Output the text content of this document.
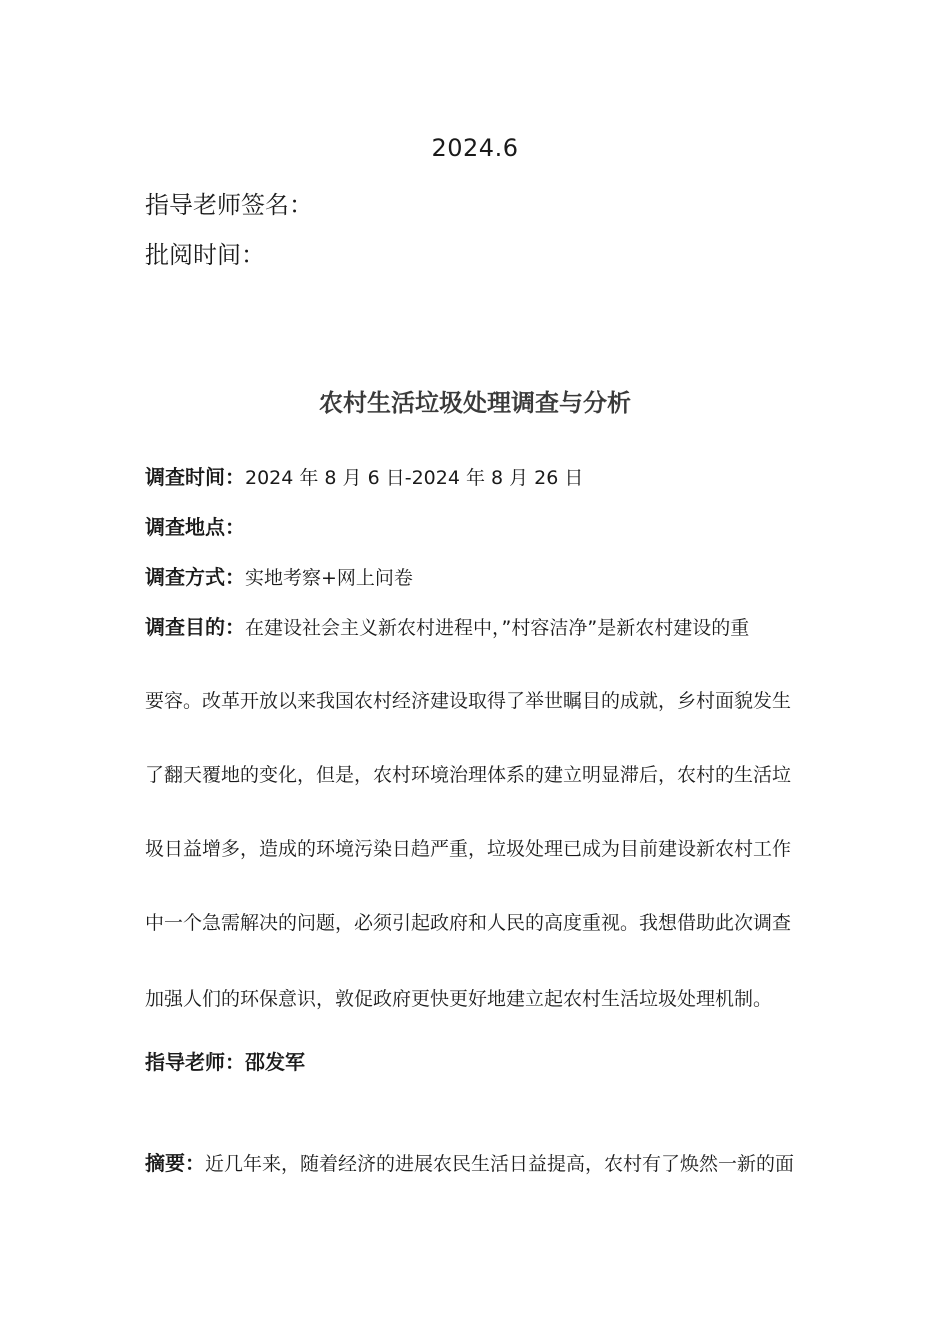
2024.6
指导老师签名：
批阅时间：
农村生活垃圾处理调查与分析
调查时间：2024 年 8 月 6 日-2024 年 8 月 26 日
调查地点：
调查方式：实地考察+网上问卷
调查目的：在建设社会主义新农村进程中，”村容洁净”是新农村建设的重
要容。改革开放以来我国农村经济建设取得了举世瞩目的成就，乡村面貌发生
了翻天覆地的变化，但是，农村环境治理体系的建立明显滞后，农村的生活垃
圾日益增多，造成的环境污染日趋严重，垃圾处理已成为目前建设新农村工作
中一个急需解决的问题，必须引起政府和人民的高度重视。我想借助此次调查
加强人们的环保意识，敦促政府更快更好地建立起农村生活垃圾处理机制。
指导老师：邵发军
摘要：近几年来，随着经济的进展农民生活日益提高，农村有了焕然一新的面
